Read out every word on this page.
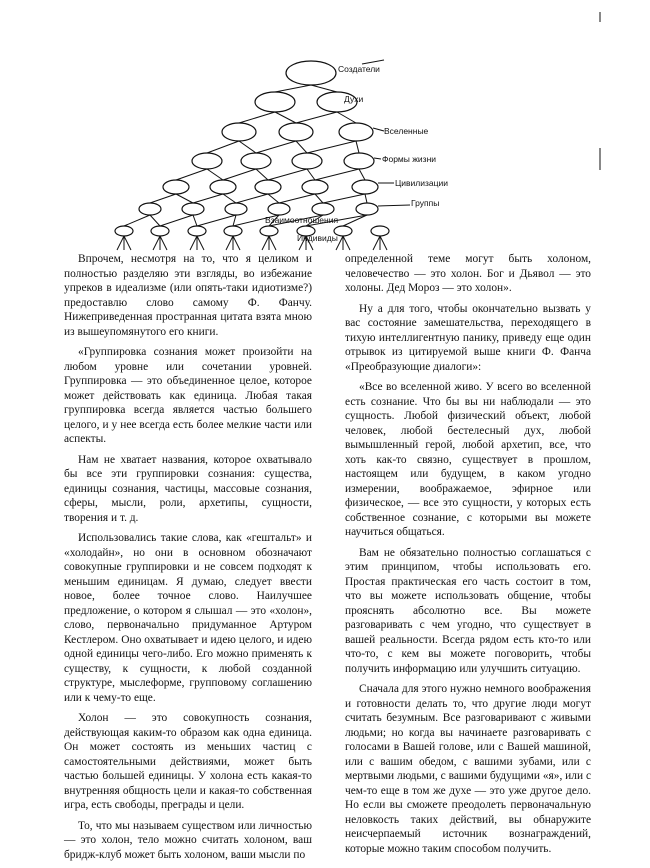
Создатели
Духи
Вселенные
Формы жизни
Цивилизации
Группы
Взаимоотношения
Индивиды

Впрочем, несмотря на то, что я целиком и полностью разделяю эти взгляды, во избежание упреков в идеализме (или опять-таки идиотизме?) предоставлю слово самому Ф. Фанчу. Нижеприведенная пространная цитата взята мною из вышеупомянутого его книги.

«Группировка сознания может произойти на любом уровне или сочетании уровней. Группировка — это объединенное целое, которое может действовать как единица. Любая такая группировка всегда является частью большего целого, и у нее всегда есть более мелкие части или аспекты.

Нам не хватает названия, которое охватывало бы все эти группировки сознания: существа, единицы сознания, частицы, массовые сознания, сферы, мысли, роли, архетипы, сущности, творения и т. д.

Использовались такие слова, как «гештальт» и «холодайн», но они в основном обозначают совокупные группировки и не совсем подходят к меньшим единицам. Я думаю, следует ввести новое, более точное слово. Наилучшее предложение, о котором я слышал — это «холон», слово, первоначально придуманное Артуром Кестлером. Оно охватывает и идею целого, и идею одной единицы чего-либо. Его можно применять к существу, к сущности, к любой созданной структуре, мыслеформе, групповому соглашению или к чему-то еще.

Холон — это совокупность сознания, действующая каким-то образом как одна единица. Он может состоять из меньших частиц с самостоятельными действиями, может быть частью большей единицы. У холона есть какая-то внутренняя общность цели и какая-то собственная игра, есть свободы, преграды и цели.

То, что мы называем существом или личностью — это холон, тело можно считать холоном, ваш бридж-клуб может быть холоном, ваши мысли по

определенной теме могут быть холоном, человечество — это холон. Бог и Дьявол — это холоны. Дед Мороз — это холон».

Ну а для того, чтобы окончательно вызвать у вас состояние замешательства, переходящего в тихую интеллигентную панику, приведу еще один отрывок из цитируемой выше книги Ф. Фанча «Преобразующие диалоги»:

«Все во вселенной живо. У всего во вселенной есть сознание. Что бы вы ни наблюдали — это сущность. Любой физический объект, любой человек, любой бестелесный дух, любой вымышленный герой, любой архетип, все, что хоть как-то связно, существует в прошлом, настоящем или будущем, в каком угодно измерении, воображаемое, эфирное или физическое, — все это сущности, у которых есть собственное сознание, с которыми вы можете научиться общаться.

Вам не обязательно полностью соглашаться с этим принципом, чтобы использовать его. Простая практическая его часть состоит в том, что вы можете использовать общение, чтобы прояснять абсолютно все. Вы можете разговаривать с чем угодно, что существует в вашей реальности. Всегда рядом есть кто-то или что-то, с кем вы можете поговорить, чтобы получить информацию или улучшить ситуацию.

Сначала для этого нужно немного воображения и готовности делать то, что другие люди могут считать безумным. Все разговаривают с живыми людьми; но когда вы начинаете разговаривать с голосами в Вашей голове, или с Вашей машиной, или с вашим обедом, с вашими зубами, или с мертвыми людьми, с вашими будущими «я», или с чем-то еще в том же духе — это уже другое дело. Но если вы сможете преодолеть первоначальную неловкость таких действий, вы обнаружите неисчерпаемый источник вознаграждений, которые можно таким способом получить.
